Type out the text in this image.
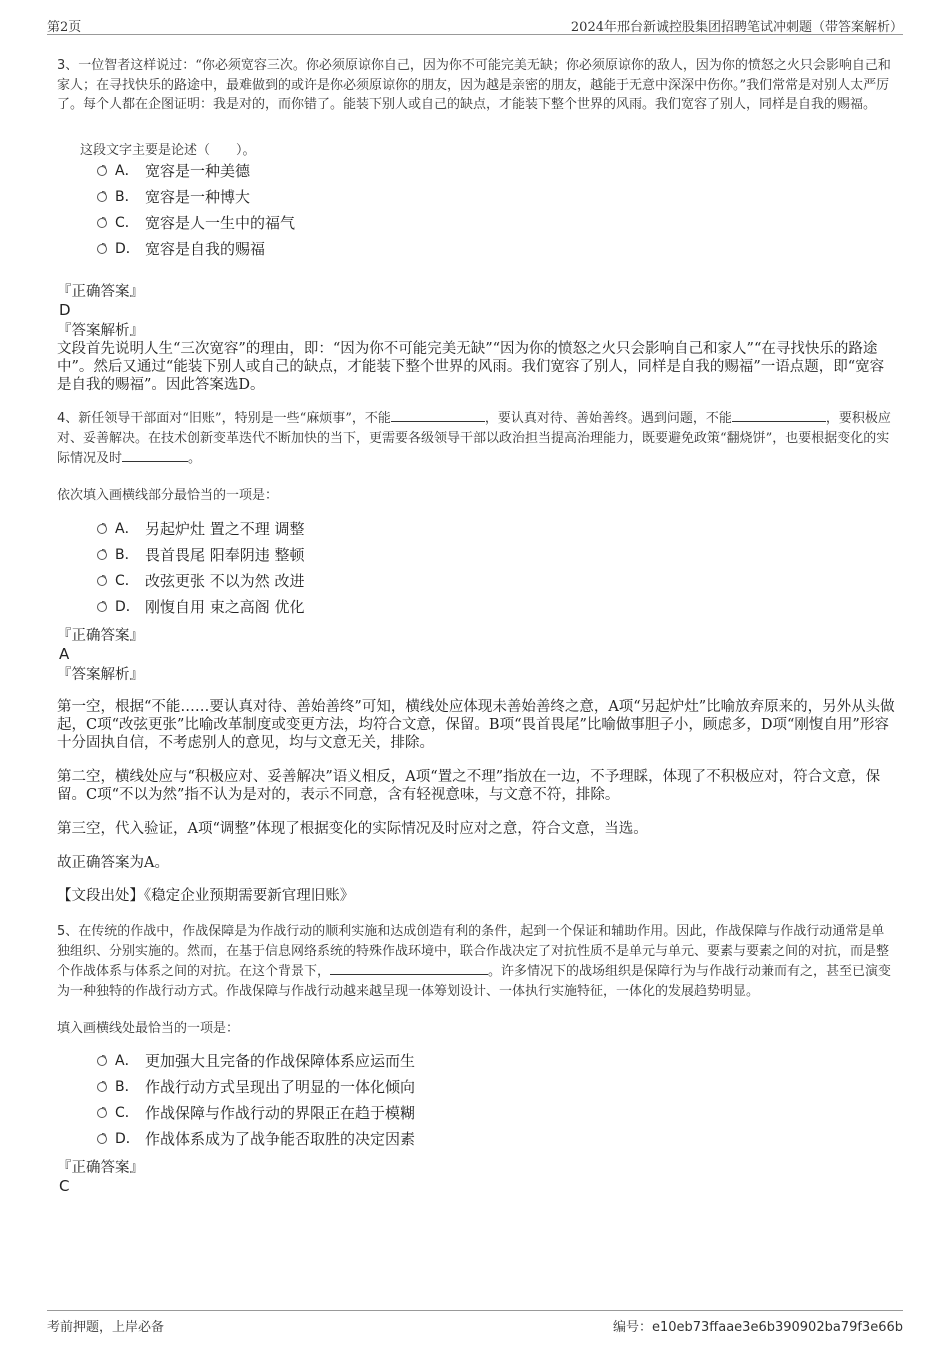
第2页	2024年邢台新诚控股集团招聘笔试冲刺题（带答案解析）

3、一位智者这样说过：“你必须宽容三次。你必须原谅你自己，因为你不可能完美无缺；你必须原谅你的敌人，因为你的愤怒之火只会影响自己和家人；在寻找快乐的路途中，最难做到的或许是你必须原谅你的朋友，因为越是亲密的朋友，越能于无意中深深中伤你。”我们常常是对别人太严厉了。每个人都在企图证明：我是对的，而你错了。能装下别人或自己的缺点，才能装下整个世界的风雨。我们宽容了别人，同样是自我的赐福。

这段文字主要是论述（　　）。

A． 宽容是一种美德
B． 宽容是一种博大
C． 宽容是人一生中的福气
D． 宽容是自我的赐福

『正确答案』

D

『答案解析』

文段首先说明人生“三次宽容”的理由，即：“因为你不可能完美无缺”“因为你的愤怒之火只会影响自己和家人”“在寻找快乐的路途中”。然后又通过“能装下别人或自己的缺点，才能装下整个世界的风雨。我们宽容了别人，同样是自我的赐福”一语点题，即“宽容是自我的赐福”。因此答案选D。

4、新任领导干部面对“旧账”，特别是一些“麻烦事”，不能	，要认真对待、善始善终。遇到问题，不能	，要积极应对、妥善解决。在技术创新变革迭代不断加快的当下，更需要各级领导干部以政治担当提高治理能力，既要避免政策“翻烧饼”，也要根据变化的实际情况及时	。

依次填入画横线部分最恰当的一项是：

A． 另起炉灶 置之不理 调整
B． 畏首畏尾 阳奉阴违 整顿
C． 改弦更张 不以为然 改进
D． 刚愎自用 束之高阁 优化

『正确答案』

A

『答案解析』

第一空，根据“不能……要认真对待、善始善终”可知，横线处应体现未善始善终之意，A项“另起炉灶”比喻放弃原来的，另外从头做起，C项“改弦更张”比喻改革制度或变更方法，均符合文意，保留。B项“畏首畏尾”比喻做事胆子小，顾虑多，D项“刚愎自用”形容十分固执自信，不考虑别人的意见，均与文意无关，排除。

第二空，横线处应与“积极应对、妥善解决”语义相反，A项“置之不理”指放在一边，不予理睬，体现了不积极应对，符合文意，保留。C项“不以为然”指不认为是对的，表示不同意，含有轻视意味，与文意不符，排除。

第三空，代入验证，A项“调整”体现了根据变化的实际情况及时应对之意，符合文意，当选。

故正确答案为A。

【文段出处】《稳定企业预期需要新官理旧账》

5、在传统的作战中，作战保障是为作战行动的顺利实施和达成创造有利的条件，起到一个保证和辅助作用。因此，作战保障与作战行动通常是单独组织、分别实施的。然而，在基于信息网络系统的特殊作战环境中，联合作战决定了对抗性质不是单元与单元、要素与要素之间的对抗，而是整个作战体系与体系之间的对抗。在这个背景下，	。许多情况下的战场组织是保障行为与作战行动兼而有之，甚至已演变为一种独特的作战行动方式。作战保障与作战行动越来越呈现一体筹划设计、一体执行实施特征，一体化的发展趋势明显。

填入画横线处最恰当的一项是：

A． 更加强大且完备的作战保障体系应运而生
B． 作战行动方式呈现出了明显的一体化倾向
C． 作战保障与作战行动的界限正在趋于模糊
D． 作战体系成为了战争能否取胜的决定因素

『正确答案』

C

考前押题，上岸必备	编号：e10eb73ffaae3e6b390902ba79f3e66b
